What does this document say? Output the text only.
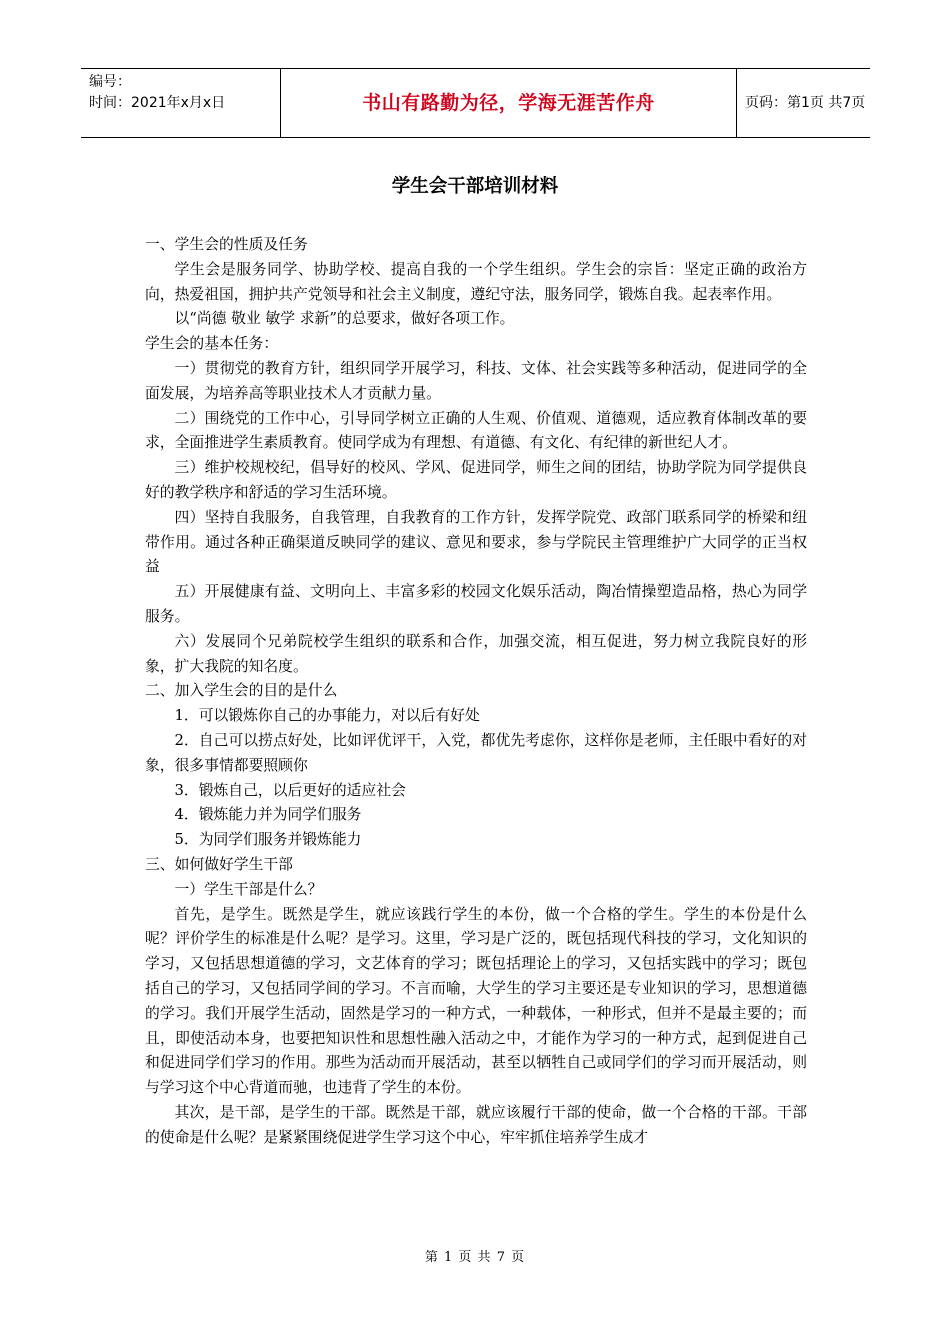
编号：
时间：2021年x月x日	书山有路勤为径，学海无涯苦作舟	页码：第1页 共7页
学生会干部培训材料

一、学生会的性质及任务

学生会是服务同学、协助学校、提高自我的一个学生组织。学生会的宗旨：坚定正确的政治方向，热爱祖国，拥护共产党领导和社会主义制度，遵纪守法，服务同学，锻炼自我。起表率作用。

以“尚德 敬业 敏学 求新”的总要求，做好各项工作。

学生会的基本任务：

一）贯彻党的教育方针，组织同学开展学习，科技、文体、社会实践等多种活动，促进同学的全面发展，为培养高等职业技术人才贡献力量。

二）围绕党的工作中心，引导同学树立正确的人生观、价值观、道德观，适应教育体制改革的要求，全面推进学生素质教育。使同学成为有理想、有道德、有文化、有纪律的新世纪人才。

三）维护校规校纪，倡导好的校风、学风、促进同学，师生之间的团结，协助学院为同学提供良好的教学秩序和舒适的学习生活环境。

四）坚持自我服务，自我管理，自我教育的工作方针，发挥学院党、政部门联系同学的桥梁和纽带作用。通过各种正确渠道反映同学的建议、意见和要求，参与学院民主管理维护广大同学的正当权益

五）开展健康有益、文明向上、丰富多彩的校园文化娱乐活动，陶冶情操塑造品格，热心为同学服务。

六）发展同个兄弟院校学生组织的联系和合作，加强交流，相互促进，努力树立我院良好的形象，扩大我院的知名度。

二、加入学生会的目的是什么

1．可以锻炼你自己的办事能力，对以后有好处

2．自己可以捞点好处，比如评优评干，入党，都优先考虑你，这样你是老师，主任眼中看好的对象，很多事情都要照顾你

3．锻炼自己，以后更好的适应社会

4．锻炼能力并为同学们服务

5．为同学们服务并锻炼能力

三、如何做好学生干部

一）学生干部是什么？

首先，是学生。既然是学生，就应该践行学生的本份，做一个合格的学生。学生的本份是什么呢？评价学生的标准是什么呢？是学习。这里，学习是广泛的，既包括现代科技的学习，文化知识的学习，又包括思想道德的学习，文艺体育的学习；既包括理论上的学习，又包括实践中的学习；既包括自己的学习，又包括同学间的学习。不言而喻，大学生的学习主要还是专业知识的学习，思想道德的学习。我们开展学生活动，固然是学习的一种方式，一种载体，一种形式，但并不是最主要的；而且，即使活动本身，也要把知识性和思想性融入活动之中，才能作为学习的一种方式，起到促进自己和促进同学们学习的作用。那些为活动而开展活动，甚至以牺牲自己或同学们的学习而开展活动，则与学习这个中心背道而驰，也违背了学生的本份。

其次，是干部，是学生的干部。既然是干部，就应该履行干部的使命，做一个合格的干部。干部的使命是什么呢？是紧紧围绕促进学生学习这个中心，牢牢抓住培养学生成才

第 1 页 共 7 页
